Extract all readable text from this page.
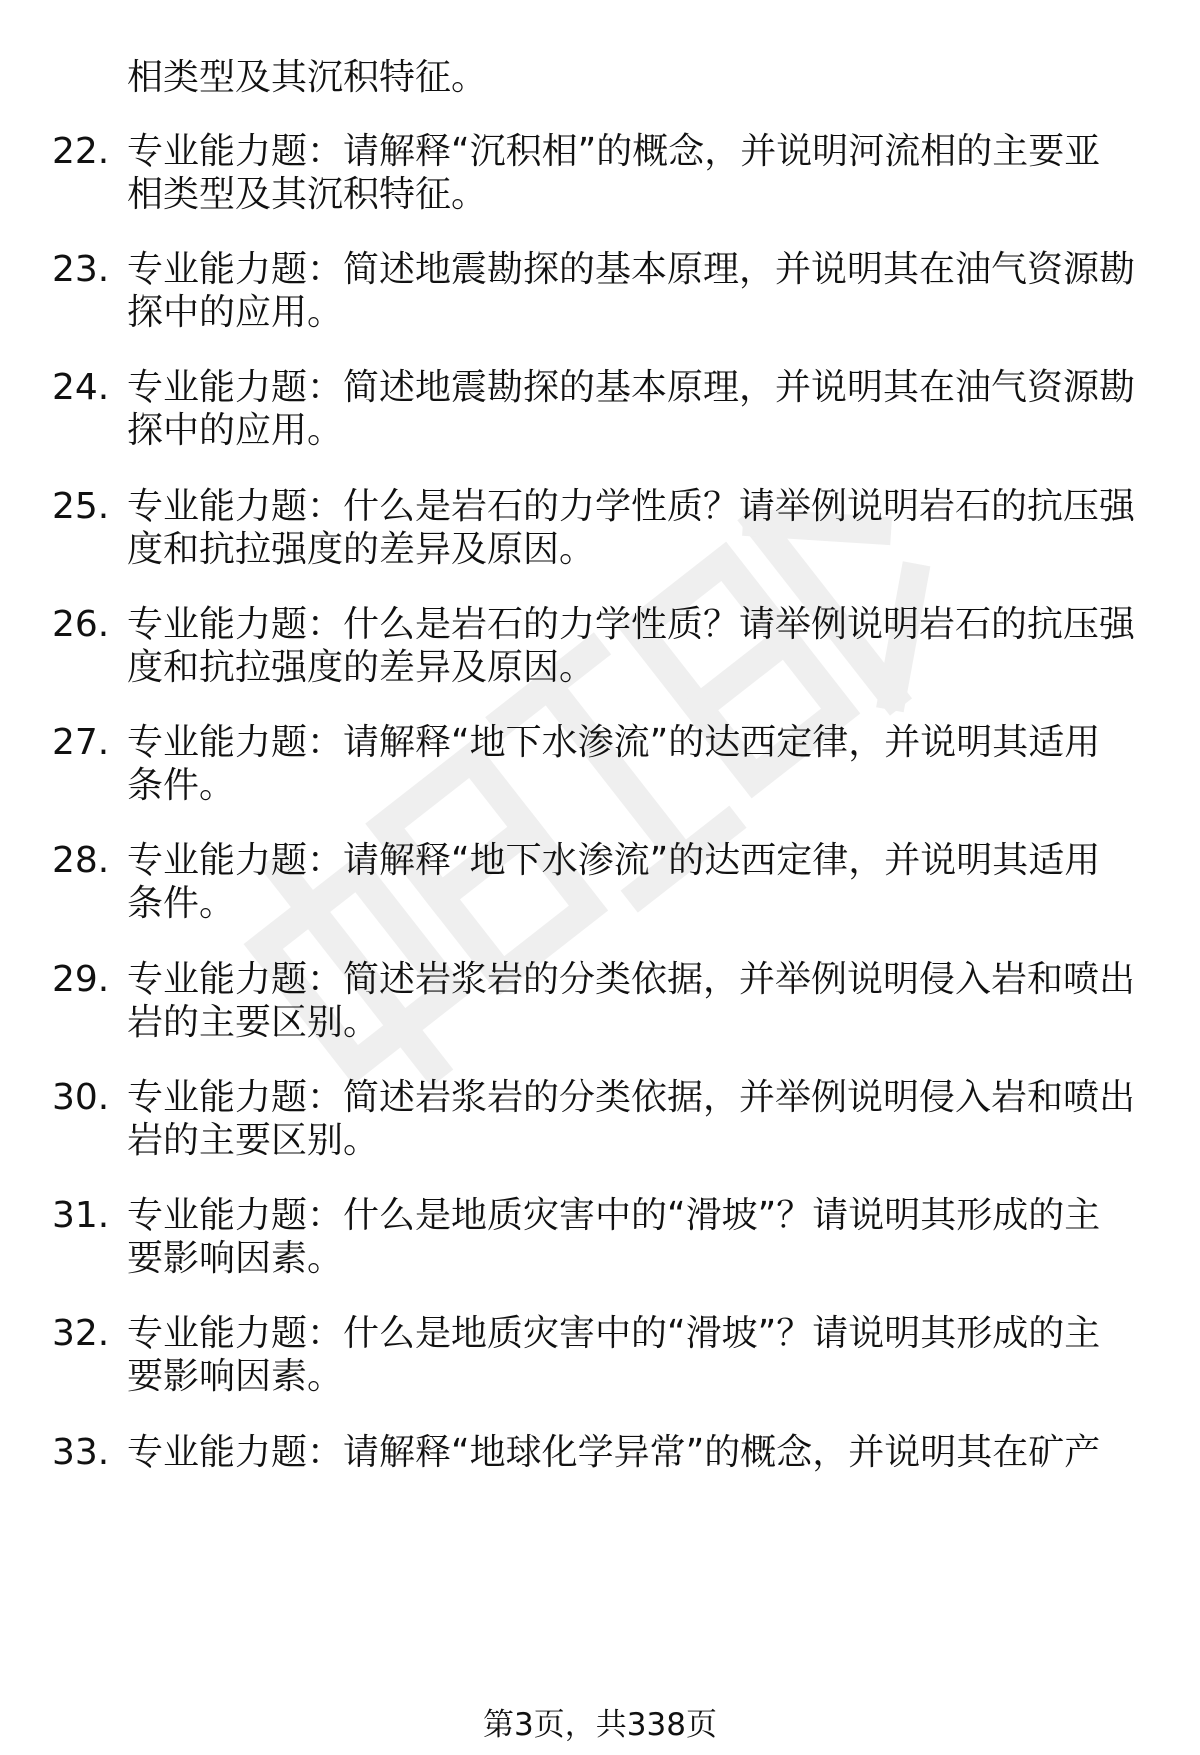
相类型及其沉积特征。
22. 专业能力题：请解释“沉积相”的概念，并说明河流相的主要亚
相类型及其沉积特征。
23. 专业能力题：简述地震勘探的基本原理，并说明其在油气资源勘
探中的应用。
24. 专业能力题：简述地震勘探的基本原理，并说明其在油气资源勘
探中的应用。
25. 专业能力题：什么是岩石的力学性质？请举例说明岩石的抗压强
度和抗拉强度的差异及原因。
26. 专业能力题：什么是岩石的力学性质？请举例说明岩石的抗压强
度和抗拉强度的差异及原因。
27. 专业能力题：请解释“地下水渗流”的达西定律，并说明其适用
条件。
28. 专业能力题：请解释“地下水渗流”的达西定律，并说明其适用
条件。
29. 专业能力题：简述岩浆岩的分类依据，并举例说明侵入岩和喷出
岩的主要区别。
30. 专业能力题：简述岩浆岩的分类依据，并举例说明侵入岩和喷出
岩的主要区别。
31. 专业能力题：什么是地质灾害中的“滑坡”？请说明其形成的主
要影响因素。
32. 专业能力题：什么是地质灾害中的“滑坡”？请说明其形成的主
要影响因素。
33. 专业能力题：请解释“地球化学异常”的概念，并说明其在矿产
第3页，共338页
